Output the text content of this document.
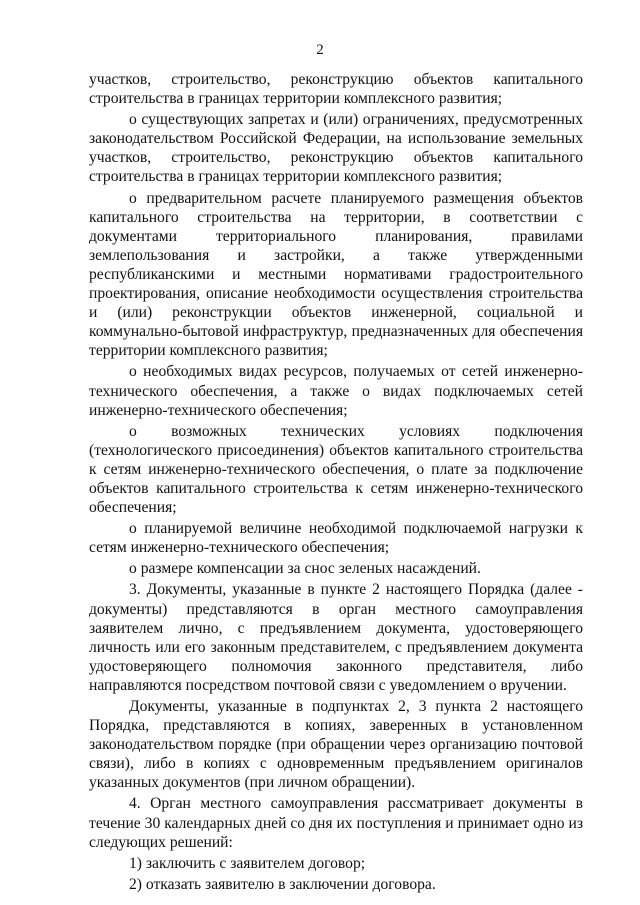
2

участков, строительство, реконструкцию объектов капитального строительства в границах территории комплексного развития;

о существующих запретах и (или) ограничениях, предусмотренных законодательством Российской Федерации, на использование земельных участков, строительство, реконструкцию объектов капитального строительства в границах территории комплексного развития;

о предварительном расчете планируемого размещения объектов капитального строительства на территории, в соответствии с документами территориального планирования, правилами землепользования и застройки, а также утвержденными республиканскими и местными нормативами градостроительного проектирования, описание необходимости осуществления строительства и (или) реконструкции объектов инженерной, социальной и коммунально-бытовой инфраструктур, предназначенных для обеспечения территории комплексного развития;

о необходимых видах ресурсов, получаемых от сетей инженерно-технического обеспечения, а также о видах подключаемых сетей инженерно-технического обеспечения;

о возможных технических условиях подключения (технологического присоединения) объектов капитального строительства к сетям инженерно-технического обеспечения, о плате за подключение объектов капитального строительства к сетям инженерно-технического обеспечения;

о планируемой величине необходимой подключаемой нагрузки к сетям инженерно-технического обеспечения;

о размере компенсации за снос зеленых насаждений.

3. Документы, указанные в пункте 2 настоящего Порядка (далее - документы) представляются в орган местного самоуправления заявителем лично, с предъявлением документа, удостоверяющего личность или его законным представителем, с предъявлением документа удостоверяющего полномочия законного представителя, либо направляются посредством почтовой связи с уведомлением о вручении.

Документы, указанные в подпунктах 2, 3 пункта 2 настоящего Порядка, представляются в копиях, заверенных в установленном законодательством порядке (при обращении через организацию почтовой связи), либо в копиях с одновременным предъявлением оригиналов указанных документов (при личном обращении).

4. Орган местного самоуправления рассматривает документы в течение 30 календарных дней со дня их поступления и принимает одно из следующих решений:

1) заключить с заявителем договор;

2) отказать заявителю в заключении договора.
